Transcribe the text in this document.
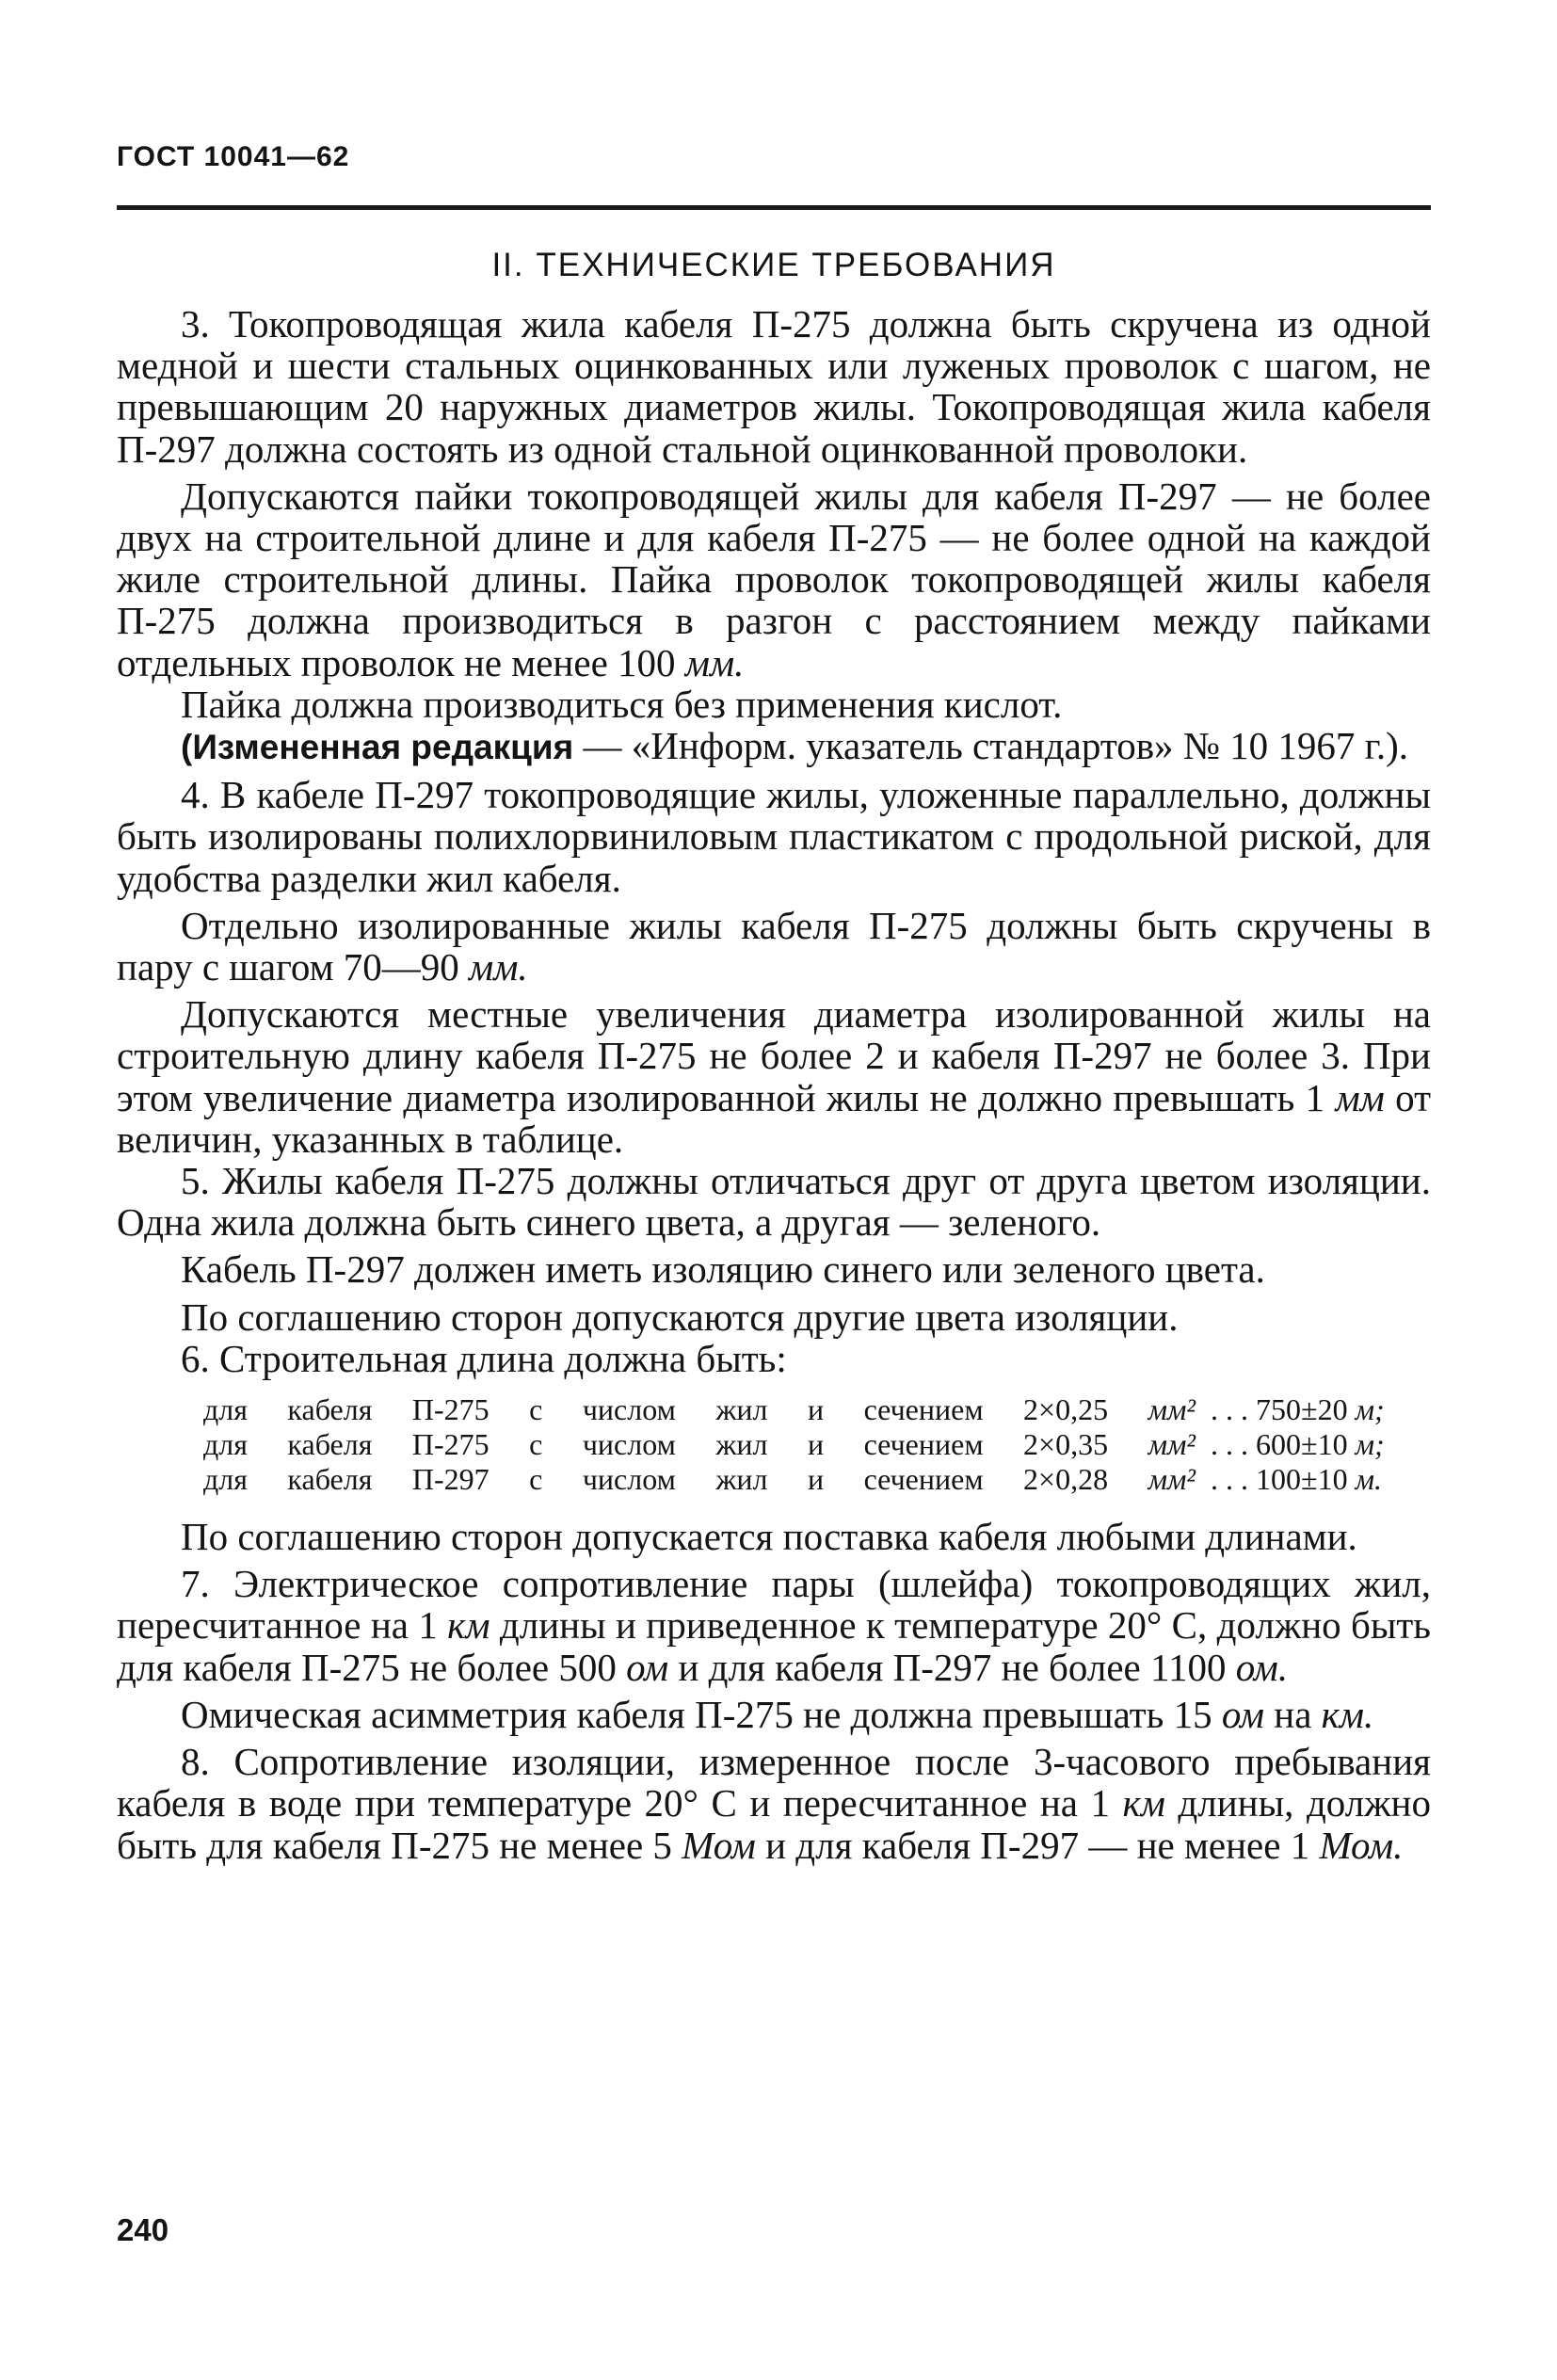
ГОСТ 10041—62
II. ТЕХНИЧЕСКИЕ ТРЕБОВАНИЯ

3. Токопроводящая жила кабеля П-275 должна быть скручена из одной медной и шести стальных оцинкованных или луженых проволок с шагом, не превышающим 20 наружных диаметров жилы. Токопроводящая жила кабеля П-297 должна состоять из одной стальной оцинкованной проволоки.

Допускаются пайки токопроводящей жилы для кабеля П-297 — не более двух на строительной длине и для кабеля П-275 — не более одной на каждой жиле строительной длины. Пайка проволок токопроводящей жилы кабеля П-275 должна производиться в разгон с расстоянием между пайками отдельных проволок не менее 100 мм.

Пайка должна производиться без применения кислот.

(Измененная редакция — «Информ. указатель стандартов» № 10 1967 г.).

4. В кабеле П-297 токопроводящие жилы, уложенные параллельно, должны быть изолированы полихлорвиниловым пластикатом с продольной риской, для удобства разделки жил кабеля.

Отдельно изолированные жилы кабеля П-275 должны быть скручены в пару с шагом 70—90 мм.

Допускаются местные увеличения диаметра изолированной жилы на строительную длину кабеля П-275 не более 2 и кабеля П-297 не более 3. При этом увеличение диаметра изолированной жилы не должно превышать 1 мм от величин, указанных в таблице.

5. Жилы кабеля П-275 должны отличаться друг от друга цветом изоляции. Одна жила должна быть синего цвета, а другая — зеленого.

Кабель П-297 должен иметь изоляцию синего или зеленого цвета.

По соглашению сторон допускаются другие цвета изоляции.

6. Строительная длина должна быть:

для кабеля П-275 с числом жил и сечением 2×0,25 мм² . . . 750±20 м;
для кабеля П-275 с числом жил и сечением 2×0,35 мм² . . . 600±10 м;
для кабеля П-297 с числом жил и сечением 2×0,28 мм² . . . 100±10 м.

По соглашению сторон допускается поставка кабеля любыми длинами.

7. Электрическое сопротивление пары (шлейфа) токопроводящих жил, пересчитанное на 1 км длины и приведенное к температуре 20° С, должно быть для кабеля П-275 не более 500 ом и для кабеля П-297 не более 1100 ом.

Омическая асимметрия кабеля П-275 не должна превышать 15 ом на км.

8. Сопротивление изоляции, измеренное после 3-часового пребывания кабеля в воде при температуре 20° С и пересчитанное на 1 км длины, должно быть для кабеля П-275 не менее 5 Мом и для кабеля П-297 — не менее 1 Мом.

240
